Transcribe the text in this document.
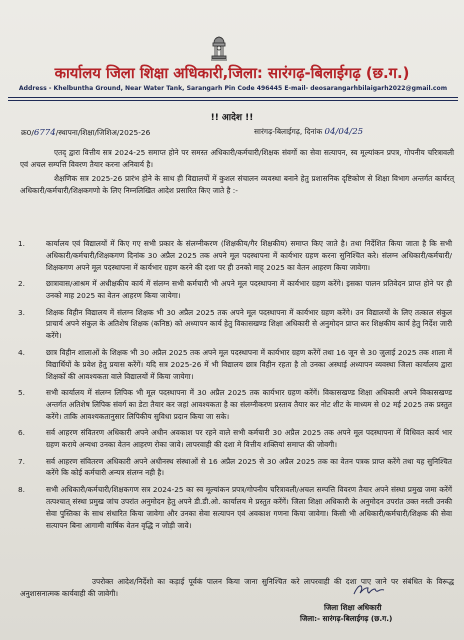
कार्यालय जिला शिक्षा अधिकारी,जिला: सारंगढ़-बिलाईगढ़ (छ.ग.)
Address - Khelbuntha Ground, Near Water Tank, Sarangarh Pin Code 496445 E-mail- deosarangarhbilaigarh2022@gmail.com
!! आदेश !!
क्र0/6774/स्थापना/शिक्षा/जिशिअ/2025-26	सारंगढ़-बिलाईगढ़, दिनांक 04/04/25

एतद् द्वारा वित्तीय सत्र 2024-25 समाप्त होने पर समस्त अधिकारी/कर्मचारी/शिक्षक संवर्गो का सेवा सत्यापन, स्व मूल्यांकन प्रपत्र, गोपनीय चरित्रावली एवं अचल सम्पत्ति विवरण तैयार करना अनिवार्य है।

शैक्षणिक सत्र 2025-26 प्रारंभ होने के साथ ही विद्यालयों में कुशल संचालन व्यवस्था बनाने हेतु प्रशासनिक दृष्टिकोण से शिक्षा विभाग अन्तर्गत कार्यरत् अधिकारी/कर्मचारी/शिक्षकगणो के लिए निम्नलिखित आदेश प्रसारित किए जाते है :-

1.	कार्यालय एवं विद्यालयों में किए गए सभी प्रकार के संलग्नीकरण (शिक्षकीय/गैर शिक्षकीय) समाप्त किए जाते है। तथा निर्देशित किया जाता है कि सभी अधिकारी/कर्मचारी/शिक्षकगण दिनांक 30 अप्रैल 2025 तक अपने मूल पदस्थापना में कार्यभार ग्रहण करना सुनिश्चित करे। संलग्न अधिकारी/कर्मचारी/शिक्षकगण अपने मूल पदस्थापना में कार्यभार ग्रहण करने की दशा पर ही उनको माह् 2025 का वेतन आहरण किया जावेगा।
2.	छात्रावास/आश्रम में अधीक्षकीय कार्य में संलग्न सभी कर्मचारी भी अपने मूल पदस्थापना में कार्यभार ग्रहण करेंगे। इसका पालन प्रतिवेदन प्राप्त होने पर ही उनको माह 2025 का वेतन आहरण किया जायेगा।
3.	शिक्षक विहीन विद्यालय में संलग्न शिक्षक भी 30 अप्रैल 2025 तक अपने मूल पदस्थापना में कार्यभार ग्रहण करेंगे। उन विद्यालयों के लिए तत्काल संकुल प्राचार्य अपने संकुल के अतिशेष शिक्षक (कनिष्ठ) को अध्यापन कार्य हेतु विकासखण्ड शिक्षा अधिकारी से अनुमोदन प्राप्त कर शिक्षकीय कार्य हेतु निर्देश जारी करेंगे।
4.	छात्र विहीन शालाओं के शिक्षक भी 30 अप्रैल 2025 तक अपने मूल पदस्थापना में कार्यभार ग्रहण करेंगें तथा 16 जून से 30 जुलाई 2025 तक शाला में विद्यार्थियों के प्रवेश हेतु प्रयास करेंगें। यदि सत्र 2025-26 में भी विद्यालय छात्र विहीन रहता है तो उनका अस्थाई अध्यापन व्यवस्था जिला कार्यालय द्वारा शिक्षकों की आवश्यकता वाले विद्यालयों में किया जायेगा।
5.	सभी कार्यालय में संलग्न लिपिक भी मूल पदस्थापना में 30 अप्रैल 2025 तक कार्यभार ग्रहण करेंगें। विकासखण्ड शिक्षा अधिकारी अपने विकासखण्ड अन्तर्गत अतिशेष लिपिक संवर्ग का डेटा तैयार कर जहां आवश्यकता है का संलग्नीकरण प्रस्ताव तैयार कर नोट शीट के माध्यम से 02 मई 2025 तक प्रस्तुत करेंगे। ताकि आवश्यकतानुसार लिपिकीय सुविधा प्रदान किया जा सके।
6.	सर्व आहरण संवितरण अधिकारी अपने अधीन अवकाश पर रहने वाले सभी कर्मचारी 30 अप्रैल 2025 तक अपने मूल पदस्थापना में विधिवत कार्य भार ग्रहण कराये अन्यथा उनका वेतन आहरण रोका जावे। लापरवाही की दशा मे वित्तीय शक्तियां समाप्त की जोवगी।
7.	सर्व आहरण संवितरण अधिकारी अपने अधीनस्थ संस्थाओं से 16 अप्रैल 2025 से 30 अप्रैल 2025 तक का वेतन पत्रक प्राप्त करेंगे तथा यह सुनिश्चित करेंगे कि कोई कर्मचारी अन्यत्र संलग्न नही है।
8.	सभी अधिकारी/कर्मचारी/शिक्षकगण सत्र 2024-25 का स्व मूल्यांकन प्रपत्र/गोपनीय चरित्रावली/अचल सम्पत्ति विवरण तैयार अपने संस्था प्रमुख जमा करेंगें तत्पश्चात् संस्था प्रमुख जांच उपरांत अनुमोदन हेतु अपने डी.डी.ओ. कार्यालय मे प्रस्तुत करेंगें। जिला शिक्षा अधिकारी के अनुमोदन उपरांत उक्त नस्ती उनकी सेवा पुस्तिका के साथ संधारित किया जावेगा और उनका सेवा सत्यापन एवं अवकाश गणना किया जावेगा। किसी भी अधिकारी/कर्मचारी/शिक्षक की सेवा सत्यापन बिना आगामी वार्षिक वेतन वृद्धि न जोड़ी जावे।

उपरोक्त आदेश/निर्देशो का कड़ाई पूर्वकं पालन किया जाना सुनिश्चित करे लापरवाही की दशा पाए जाने पर संबंधित के विरूद्ध अनुशासनात्मक कार्यवाही की जावेगी।

जिला शिक्षा अधिकारी
जिला:- सारंगढ़-बिलाईगढ़ (छ.ग.)
